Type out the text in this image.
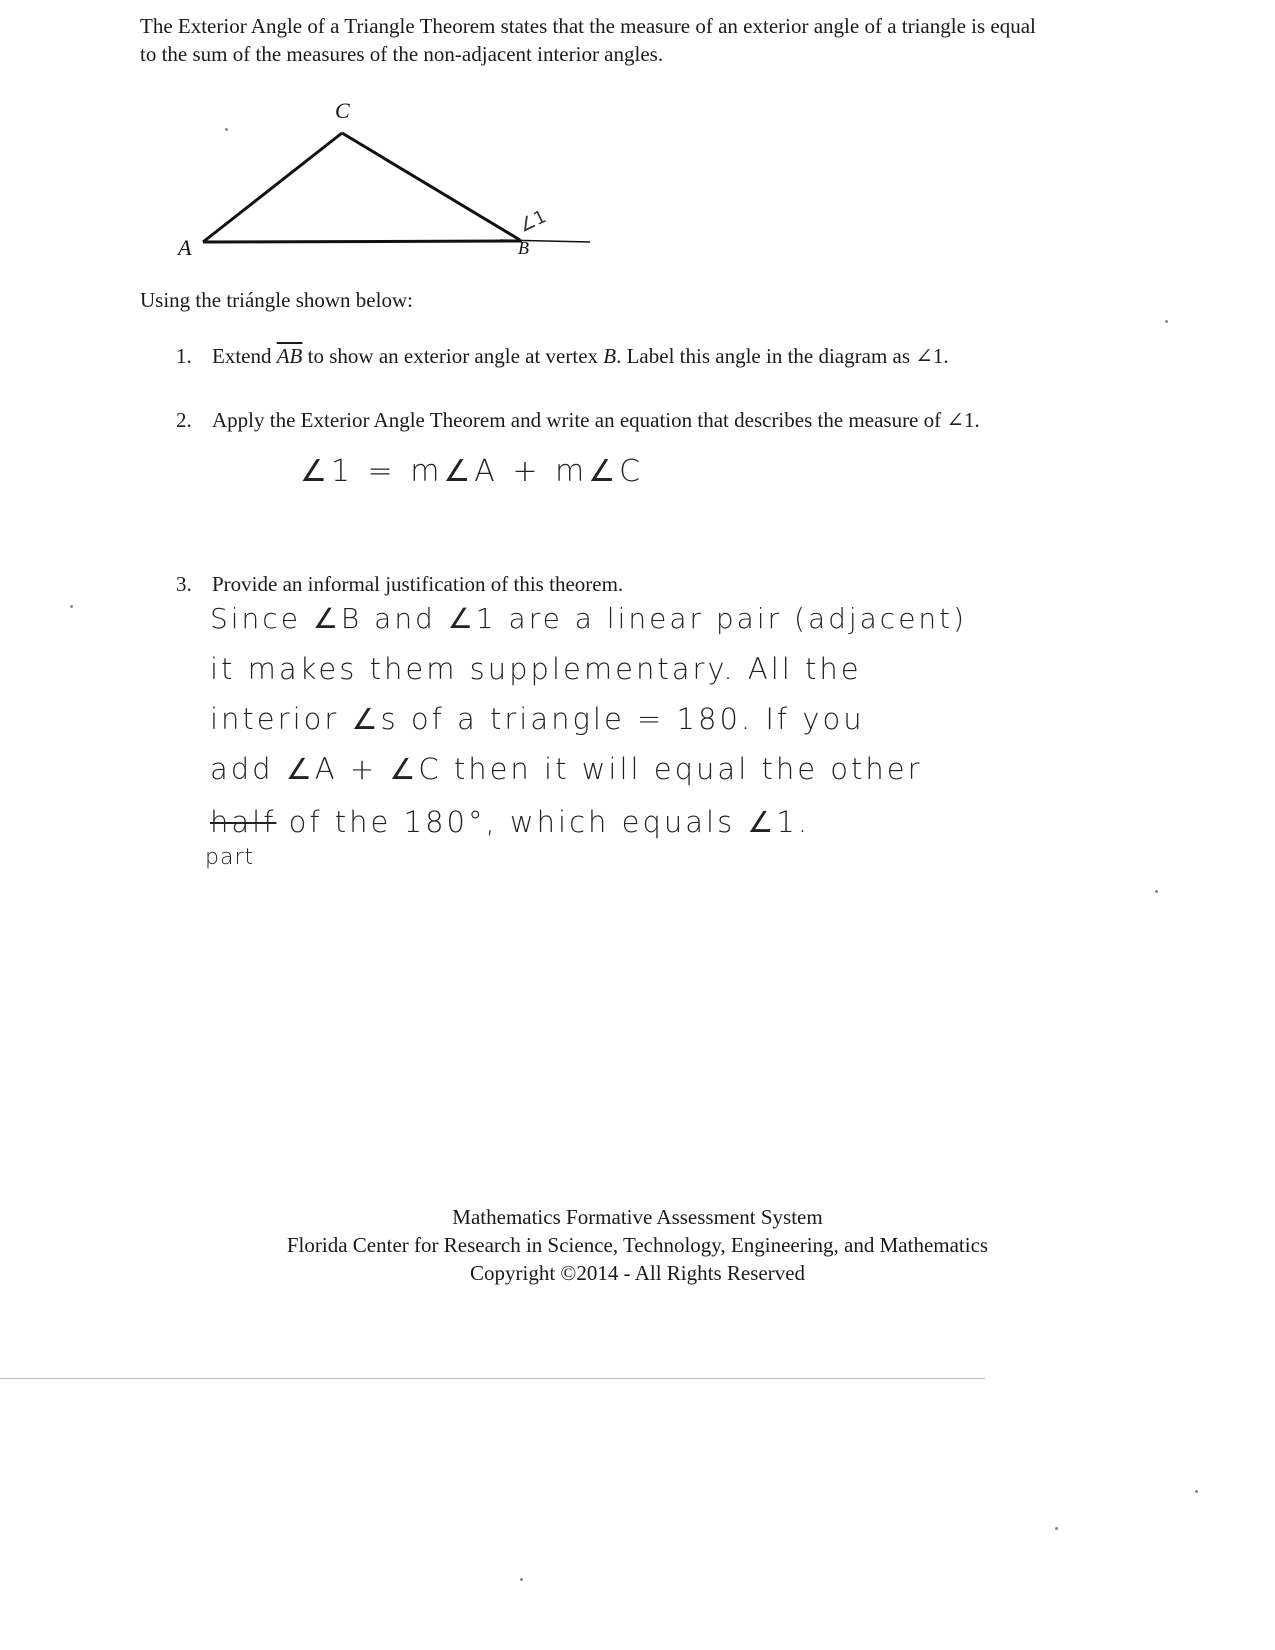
The Exterior Angle of a Triangle Theorem states that the measure of an exterior angle of a triangle is equal to the sum of the measures of the non-adjacent interior angles.
C
A	B
∠1
Using the triángle shown below:
1. Extend $\overline{AB}$ to show an exterior angle at vertex B. Label this angle in the diagram as ∠1.
2. Apply the Exterior Angle Theorem and write an equation that describes the measure of ∠1.
∠1 = m∠A + m∠C
3. Provide an informal justification of this theorem.
Since ∠B and ∠1 are a linear pair (adjacent)
it makes them supplementary. All the
interior ∠s of a triangle = 180. If you
add ∠A + ∠C then it will equal the other
half of the 180°, which equals ∠1.
part
Mathematics Formative Assessment System
Florida Center for Research in Science, Technology, Engineering, and Mathematics
Copyright ©2014 - All Rights Reserved
